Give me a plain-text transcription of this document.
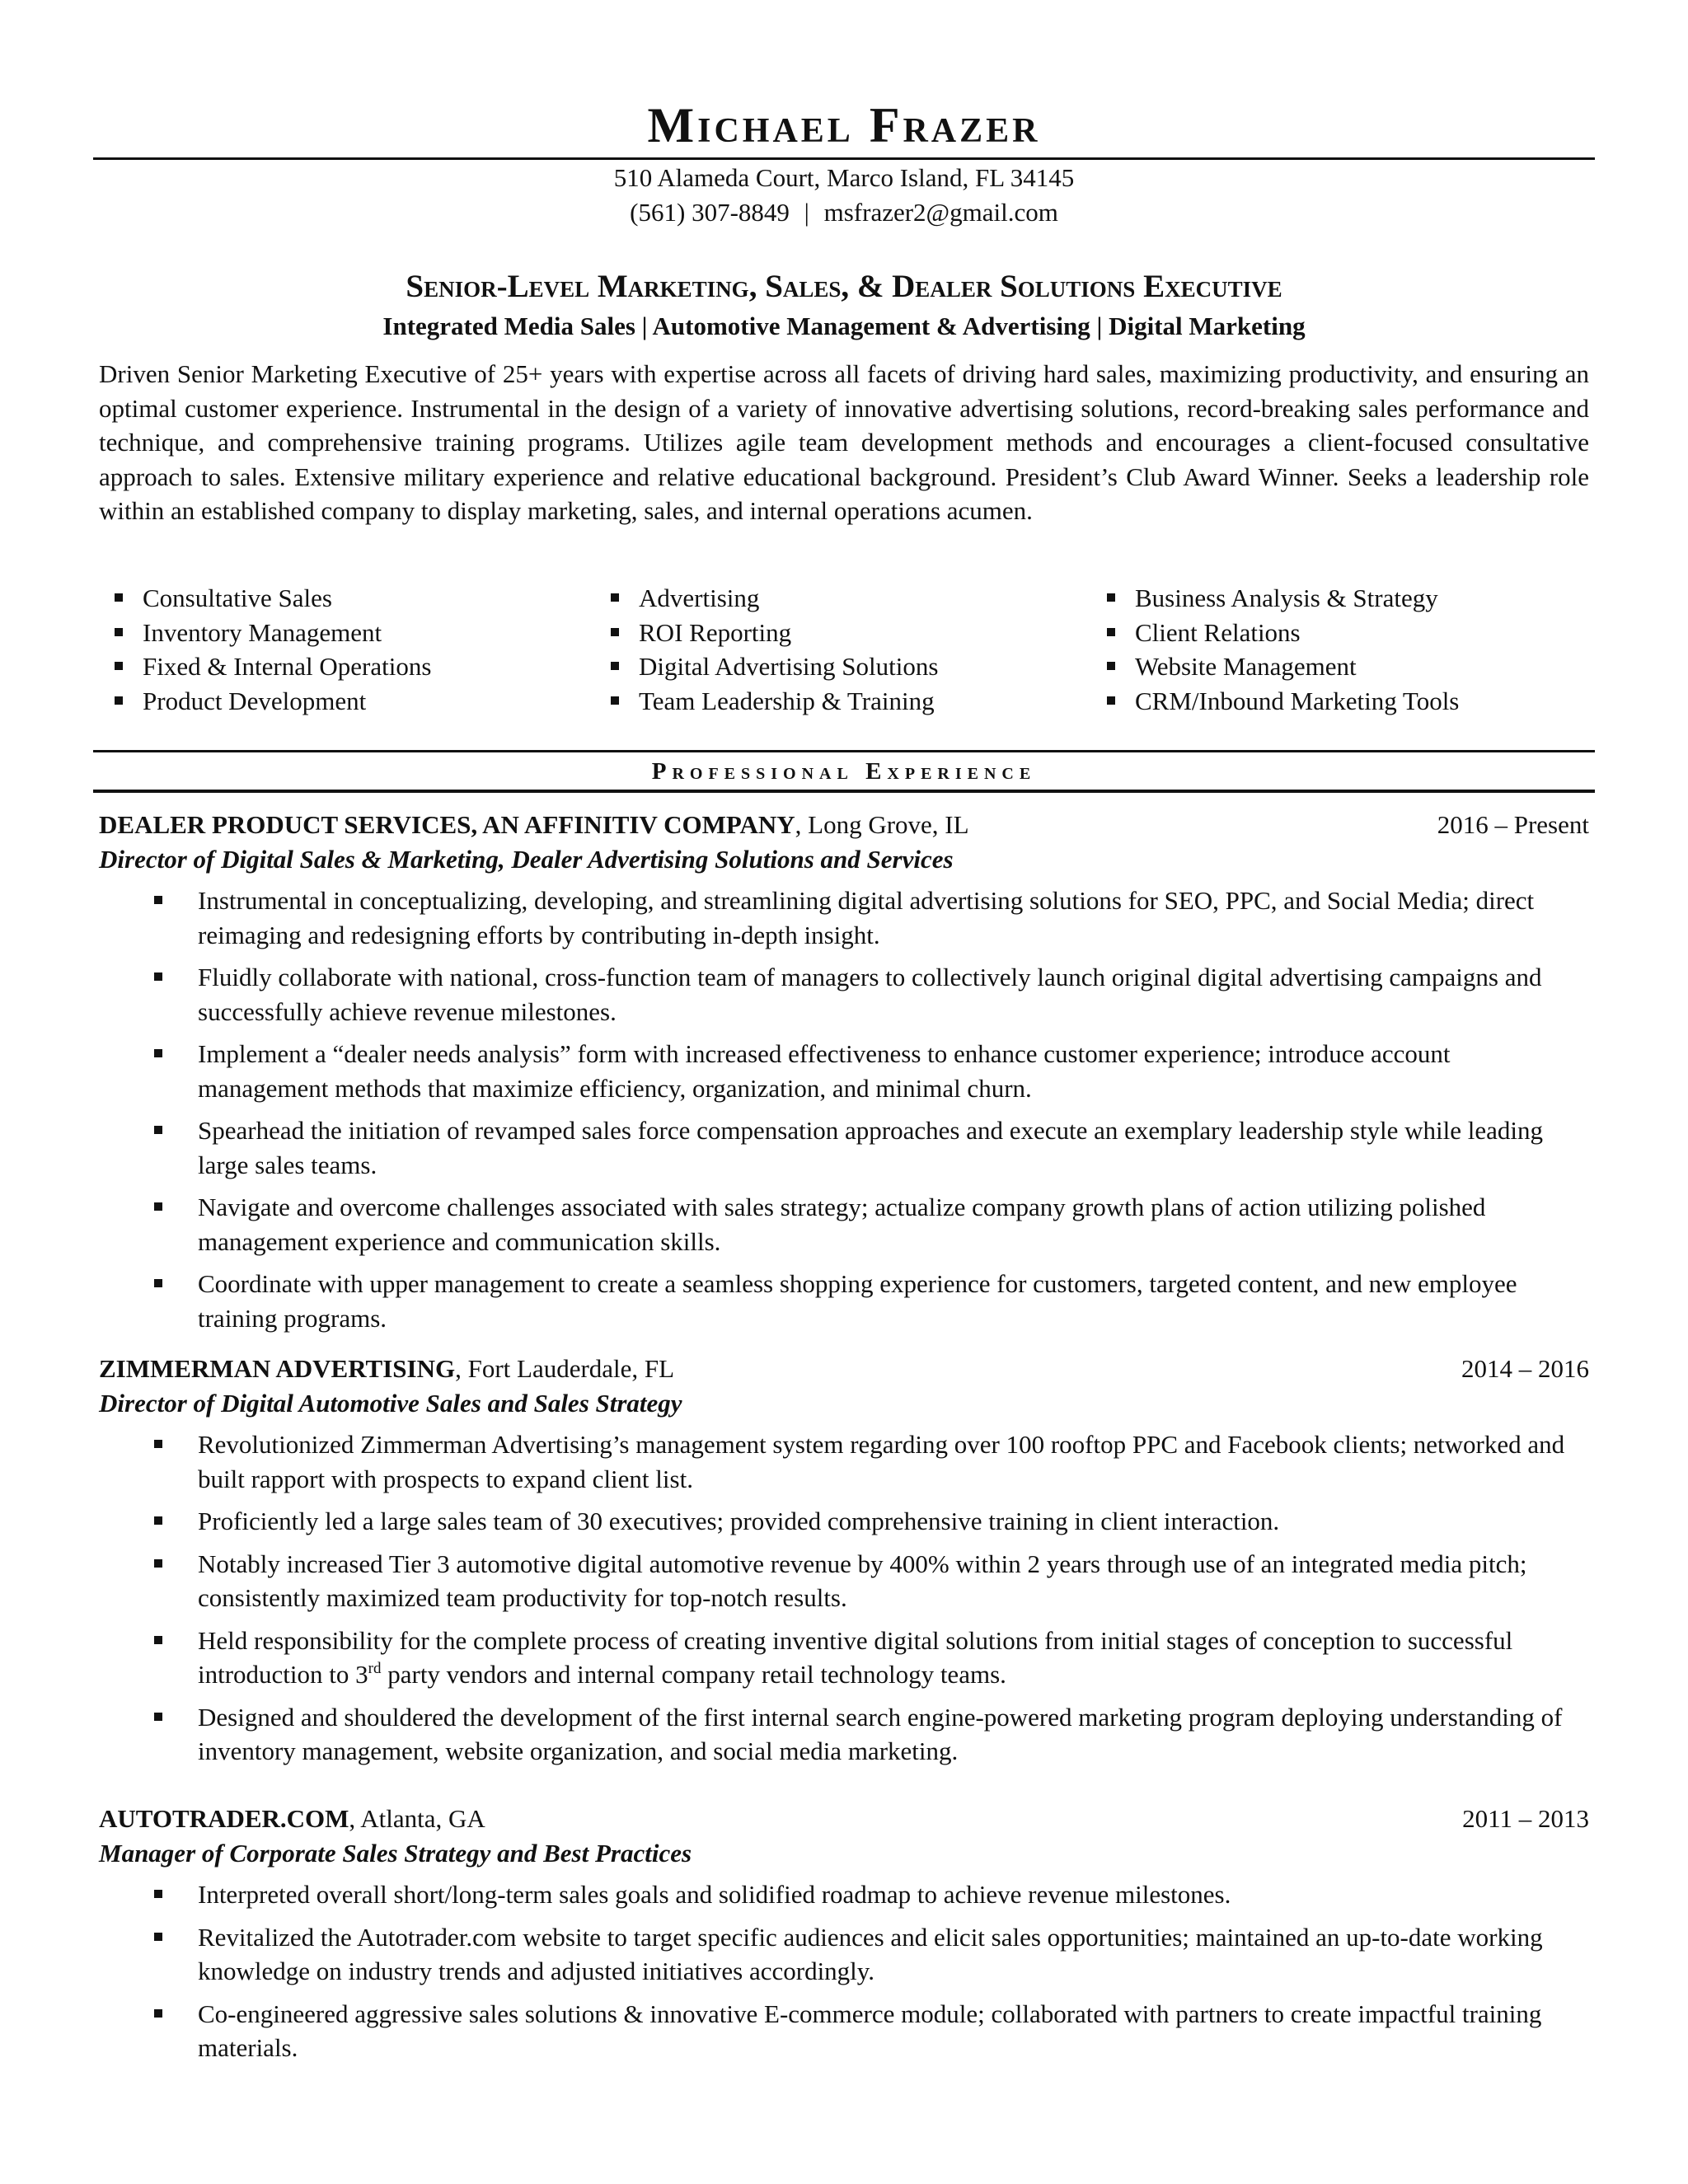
Michael Frazer
510 Alameda Court, Marco Island, FL 34145
(561) 307-8849 | msfrazer2@gmail.com
Senior-Level Marketing, Sales, & Dealer Solutions Executive
Integrated Media Sales | Automotive Management & Advertising | Digital Marketing
Driven Senior Marketing Executive of 25+ years with expertise across all facets of driving hard sales, maximizing productivity, and ensuring an optimal customer experience. Instrumental in the design of a variety of innovative advertising solutions, record-breaking sales performance and technique, and comprehensive training programs. Utilizes agile team development methods and encourages a client-focused consultative approach to sales. Extensive military experience and relative educational background. President’s Club Award Winner. Seeks a leadership role within an established company to display marketing, sales, and internal operations acumen.
Consultative Sales
Inventory Management
Fixed & Internal Operations
Product Development
Advertising
ROI Reporting
Digital Advertising Solutions
Team Leadership & Training
Business Analysis & Strategy
Client Relations
Website Management
CRM/Inbound Marketing Tools
Professional Experience
DEALER PRODUCT SERVICES, AN AFFINITIV COMPANY, Long Grove, IL	2016 – Present
Director of Digital Sales & Marketing, Dealer Advertising Solutions and Services
Instrumental in conceptualizing, developing, and streamlining digital advertising solutions for SEO, PPC, and Social Media; direct reimaging and redesigning efforts by contributing in-depth insight.
Fluidly collaborate with national, cross-function team of managers to collectively launch original digital advertising campaigns and successfully achieve revenue milestones.
Implement a “dealer needs analysis” form with increased effectiveness to enhance customer experience; introduce account management methods that maximize efficiency, organization, and minimal churn.
Spearhead the initiation of revamped sales force compensation approaches and execute an exemplary leadership style while leading large sales teams.
Navigate and overcome challenges associated with sales strategy; actualize company growth plans of action utilizing polished management experience and communication skills.
Coordinate with upper management to create a seamless shopping experience for customers, targeted content, and new employee training programs.
ZIMMERMAN ADVERTISING, Fort Lauderdale, FL	2014 – 2016
Director of Digital Automotive Sales and Sales Strategy
Revolutionized Zimmerman Advertising’s management system regarding over 100 rooftop PPC and Facebook clients; networked and built rapport with prospects to expand client list.
Proficiently led a large sales team of 30 executives; provided comprehensive training in client interaction.
Notably increased Tier 3 automotive digital automotive revenue by 400% within 2 years through use of an integrated media pitch; consistently maximized team productivity for top-notch results.
Held responsibility for the complete process of creating inventive digital solutions from initial stages of conception to successful introduction to 3rd party vendors and internal company retail technology teams.
Designed and shouldered the development of the first internal search engine-powered marketing program deploying understanding of inventory management, website organization, and social media marketing.
AUTOTRADER.COM, Atlanta, GA	2011 – 2013
Manager of Corporate Sales Strategy and Best Practices
Interpreted overall short/long-term sales goals and solidified roadmap to achieve revenue milestones.
Revitalized the Autotrader.com website to target specific audiences and elicit sales opportunities; maintained an up-to-date working knowledge on industry trends and adjusted initiatives accordingly.
Co-engineered aggressive sales solutions & innovative E-commerce module; collaborated with partners to create impactful training materials.
